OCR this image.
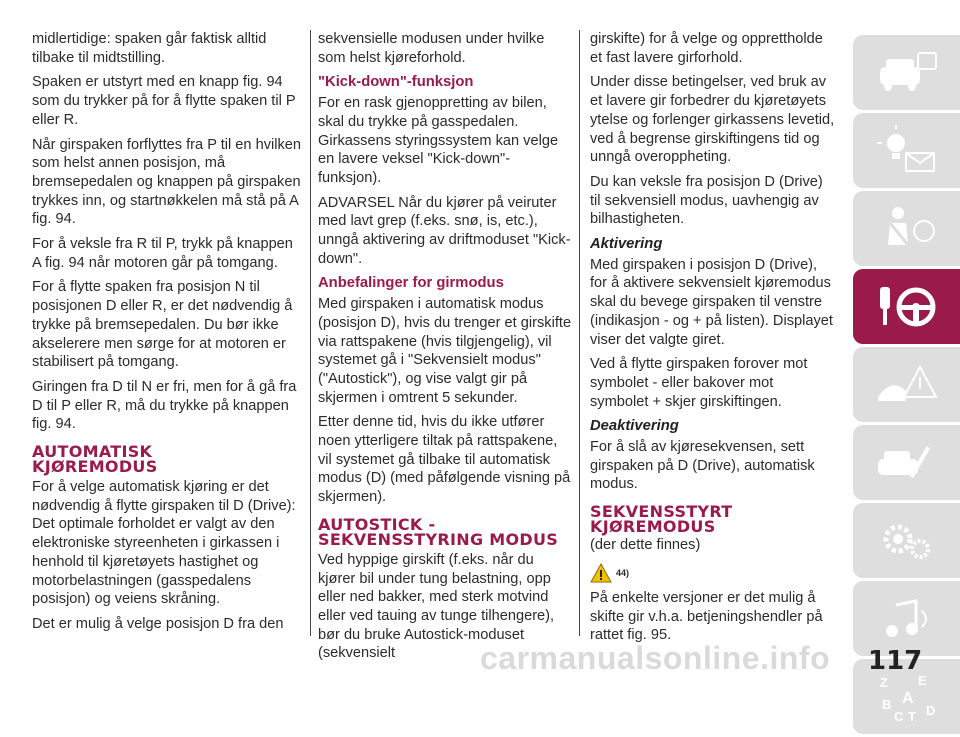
midlertidige: spaken går faktisk alltid tilbake til midtstilling.

Spaken er utstyrt med en knapp fig. 94 som du trykker på for å flytte spaken til P eller R.

Når girspaken forflyttes fra P til en hvilken som helst annen posisjon, må bremsepedalen og knappen på girspaken trykkes inn, og startnøkkelen må stå på A fig. 94.

For å veksle fra R til P, trykk på knappen A fig. 94 når motoren går på tomgang.

For å flytte spaken fra posisjon N til posisjonen D eller R, er det nødvendig å trykke på bremsepedalen. Du bør ikke akselerere men sørge for at motoren er stabilisert på tomgang.

Giringen fra D til N er fri, men for å gå fra D til P eller R, må du trykke på knappen fig. 94.

AUTOMATISK
KJØREMODUS

For å velge automatisk kjøring er det nødvendig å flytte girspaken til D (Drive): Det optimale forholdet er valgt av den elektroniske styreenheten i girkassen i henhold til kjøretøyets hastighet og motorbelastningen (gasspedalens posisjon) og veiens skråning.

Det er mulig å velge posisjon D fra den

sekvensielle modusen under hvilke som helst kjøreforhold.

"Kick-down"-funksjon

For en rask gjenoppretting av bilen, skal du trykke på gasspedalen. Girkassens styringssystem kan velge en lavere veksel "Kick-down"-funksjon).

ADVARSEL Når du kjører på veiruter med lavt grep (f.eks. snø, is, etc.), unngå aktivering av driftmoduset "Kick-down".

Anbefalinger for girmodus

Med girspaken i automatisk modus (posisjon D), hvis du trenger et girskifte via rattspakene (hvis tilgjengelig), vil systemet gå i "Sekvensielt modus" ("Autostick"), og vise valgt gir på skjermen i omtrent 5 sekunder.

Etter denne tid, hvis du ikke utfører noen ytterligere tiltak på rattspakene, vil systemet gå tilbake til automatisk modus (D) (med påfølgende visning på skjermen).

AUTOSTICK -
SEKVENSSTYRING MODUS

Ved hyppige girskift (f.eks. når du kjører bil under tung belastning, opp eller ned bakker, med sterk motvind eller ved tauing av tunge tilhengere), bør du bruke Autostick-moduset (sekvensielt

girskifte) for å velge og opprettholde et fast lavere girforhold.

Under disse betingelser, ved bruk av et lavere gir forbedrer du kjøretøyets ytelse og forlenger girkassens levetid, ved å begrense girskiftingens tid og unngå overoppheting.

Du kan veksle fra posisjon D (Drive) til sekvensiell modus, uavhengig av bilhastigheten.

Aktivering

Med girspaken i posisjon D (Drive), for å aktivere sekvensielt kjøremodus skal du bevege girspaken til venstre (indikasjon - og + på listen). Displayet viser det valgte giret.

Ved å flytte girspaken forover mot symbolet - eller bakover mot symbolet + skjer girskiftingen.

Deaktivering

For å slå av kjøresekvensen, sett girspaken på D (Drive), automatisk modus.

SEKVENSSTYRT
KJØREMODUS

(der dette finnes)

44)

På enkelte versjoner er det mulig å skifte gir v.h.a. betjeningshendler på rattet fig. 95.

Z E
B A
C T D
carmanualsonline.info 117
